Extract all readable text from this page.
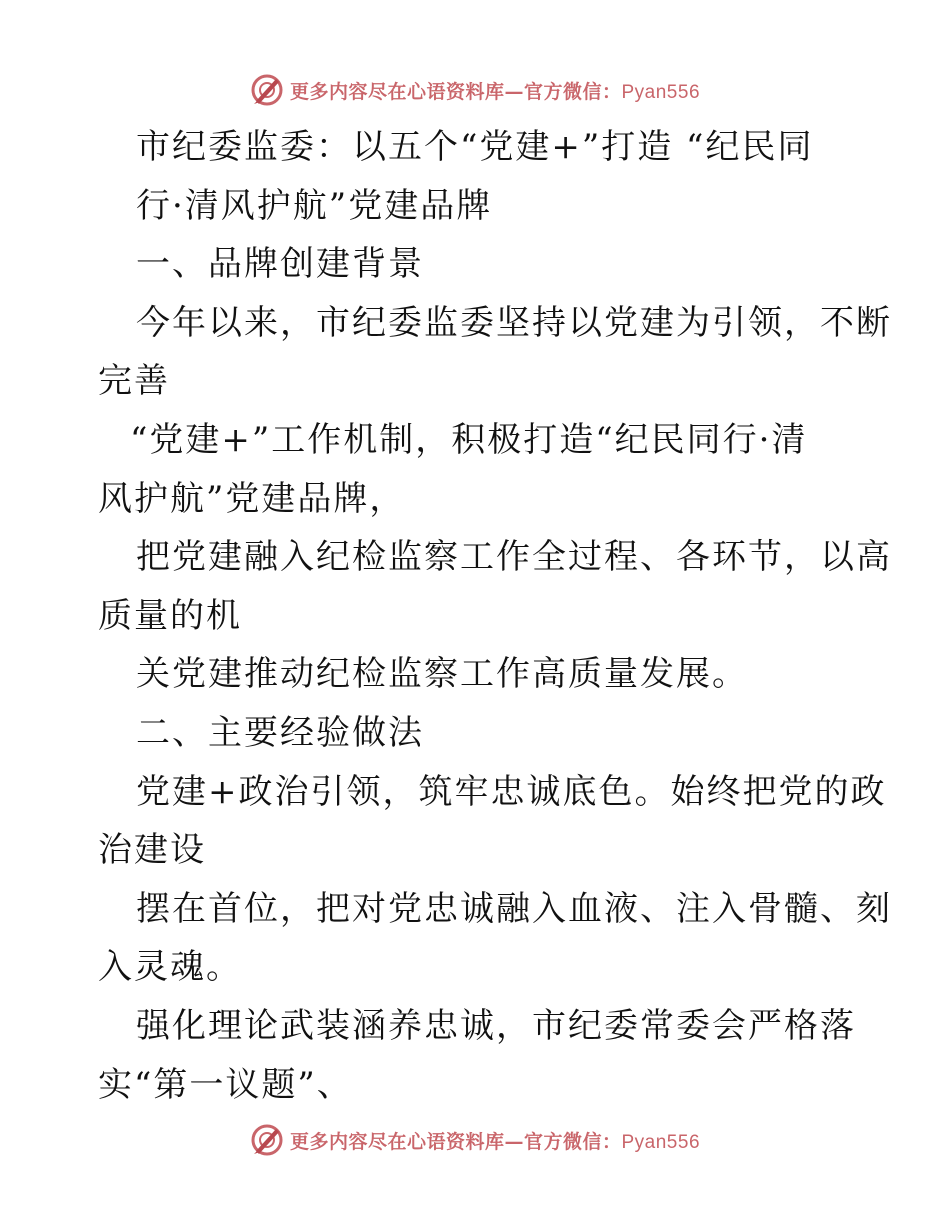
更多内容尽在心语资料库—官方微信：Pyan556
市纪委监委：以五个“党建+”打造 “纪民同
行·清风护航”党建品牌
一、品牌创建背景
今年以来，市纪委监委坚持以党建为引领，不断
完善
“党建+”工作机制，积极打造“纪民同行·清
风护航”党建品牌，
把党建融入纪检监察工作全过程、各环节，以高
质量的机
关党建推动纪检监察工作高质量发展。
二、主要经验做法
党建+政治引领，筑牢忠诚底色。始终把党的政
治建设
摆在首位，把对党忠诚融入血液、注入骨髓、刻
入灵魂。
强化理论武装涵养忠诚，市纪委常委会严格落
实“第一议题”、
更多内容尽在心语资料库—官方微信：Pyan556
